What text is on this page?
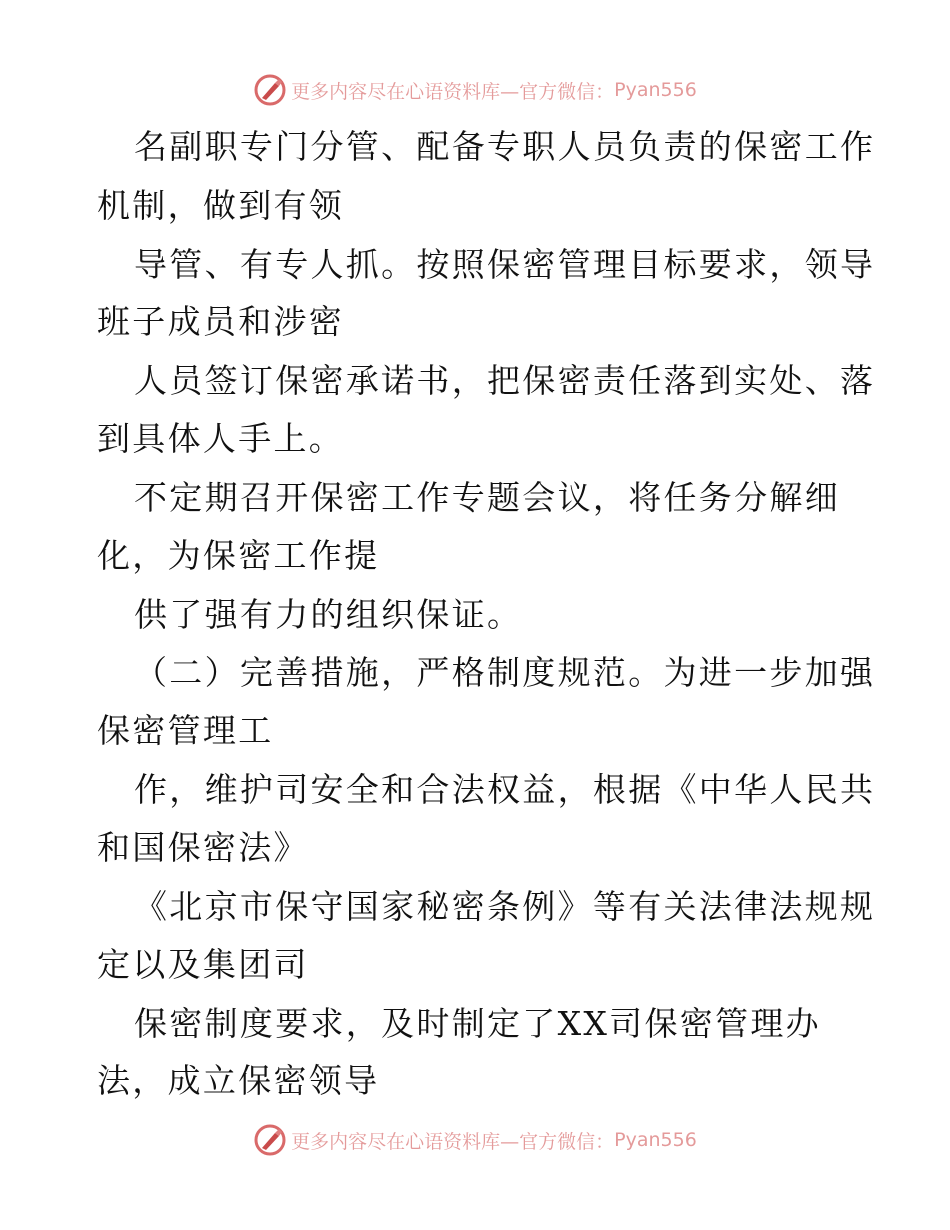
更多内容尽在心语资料库—官方微信： Pyan556
名副职专门分管、配备专职人员负责的保密工作
机制，做到有领
导管、有专人抓。按照保密管理目标要求，领导
班子成员和涉密
人员签订保密承诺书，把保密责任落到实处、落
到具体人手上。
不定期召开保密工作专题会议，将任务分解细
化，为保密工作提
供了强有力的组织保证。
（二）完善措施，严格制度规范。为进一步加强
保密管理工
作，维护司安全和合法权益，根据《中华人民共
和国保密法》
《北京市保守国家秘密条例》等有关法律法规规
定以及集团司
保密制度要求，及时制定了XX司保密管理办
法，成立保密领导
更多内容尽在心语资料库—官方微信： Pyan556
